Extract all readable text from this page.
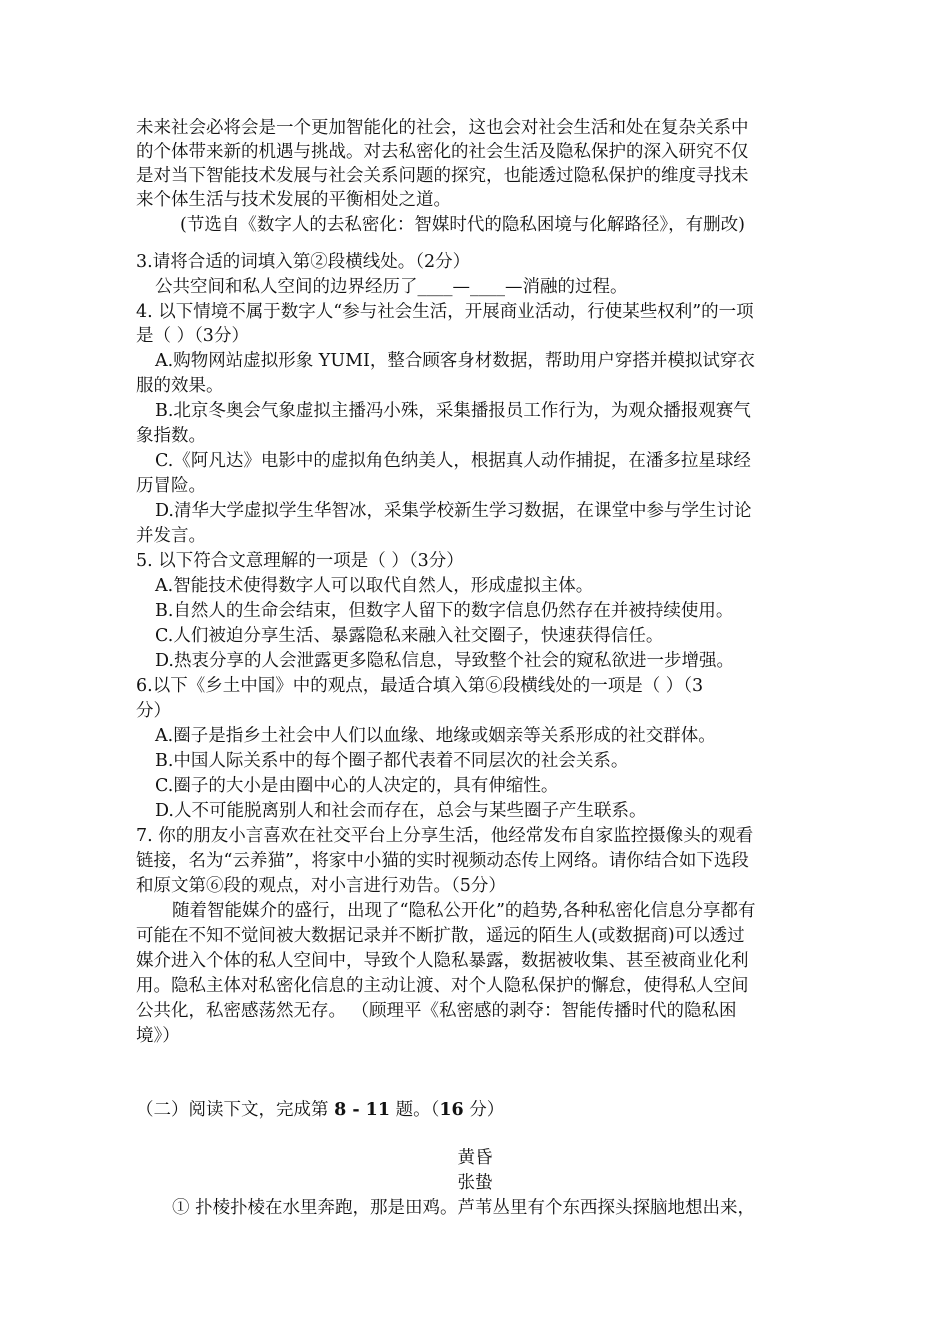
未来社会必将会是一个更加智能化的社会，这也会对社会生活和处在复杂关系中
的个体带来新的机遇与挑战。对去私密化的社会生活及隐私保护的深入研究不仅
是对当下智能技术发展与社会关系问题的探究，也能透过隐私保护的维度寻找未
来个体生活与技术发展的平衡相处之道。
(节选自《数字人的去私密化：智媒时代的隐私困境与化解路径》，有删改)
3.请将合适的词填入第②段横线处。（2分）
公共空间和私人空间的边界经历了____—____—消融的过程。
4. 以下情境不属于数字人“参与社会生活，开展商业活动，行使某些权利”的一项
是（ ）（3分）
A.购物网站虚拟形象 YUMI，整合顾客身材数据，帮助用户穿搭并模拟试穿衣
服的效果。
B.北京冬奥会气象虚拟主播冯小殊，采集播报员工作行为，为观众播报观赛气
象指数。
C.《阿凡达》电影中的虚拟角色纳美人，根据真人动作捕捉，在潘多拉星球经
历冒险。
D.清华大学虚拟学生华智冰，采集学校新生学习数据，在课堂中参与学生讨论
并发言。
5. 以下符合文意理解的一项是（ ）（3分）
A.智能技术使得数字人可以取代自然人，形成虚拟主体。
B.自然人的生命会结束，但数字人留下的数字信息仍然存在并被持续使用。
C.人们被迫分享生活、暴露隐私来融入社交圈子，快速获得信任。
D.热衷分享的人会泄露更多隐私信息，导致整个社会的窥私欲进一步增强。
6.以下《乡土中国》中的观点，最适合填入第⑥段横线处的一项是（ ）（3
分）
A.圈子是指乡土社会中人们以血缘、地缘或姻亲等关系形成的社交群体。
B.中国人际关系中的每个圈子都代表着不同层次的社会关系。
C.圈子的大小是由圈中心的人决定的，具有伸缩性。
D.人不可能脱离别人和社会而存在，总会与某些圈子产生联系。
7. 你的朋友小言喜欢在社交平台上分享生活，他经常发布自家监控摄像头的观看
链接，名为“云养猫”，将家中小猫的实时视频动态传上网络。请你结合如下选段
和原文第⑥段的观点，对小言进行劝告。（5分）
随着智能媒介的盛行，出现了“隐私公开化”的趋势,各种私密化信息分享都有
可能在不知不觉间被大数据记录并不断扩散，遥远的陌生人(或数据商)可以透过
媒介进入个体的私人空间中，导致个人隐私暴露，数据被收集、甚至被商业化利
用。隐私主体对私密化信息的主动让渡、对个人隐私保护的懈怠，使得私人空间
公共化，私密感荡然无存。 （顾理平《私密感的剥夺：智能传播时代的隐私困
境》）
（二）阅读下文，完成第 8 - 11 题。（16 分）
黄昏
张蛰
① 扑棱扑棱在水里奔跑，那是田鸡。芦苇丛里有个东西探头探脑地想出来，
